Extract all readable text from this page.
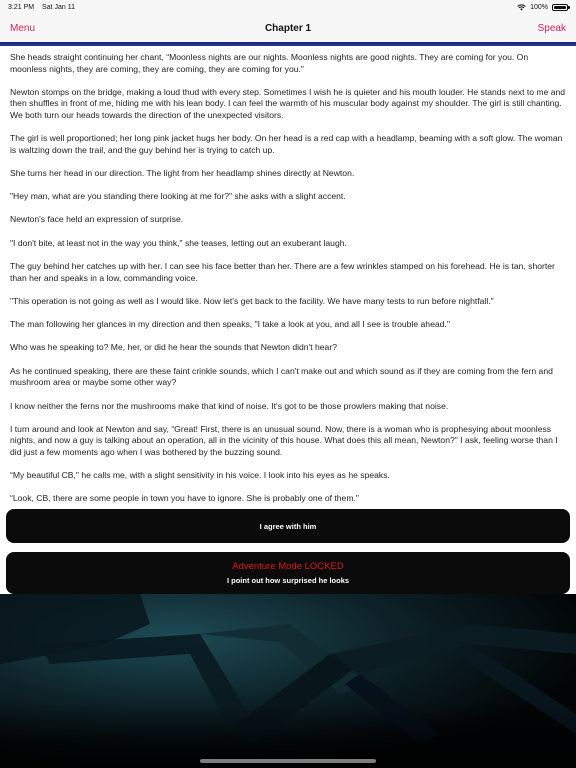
3:21 PM Sat Jan 11	100%
Menu	Chapter 1	Speak

She heads straight continuing her chant, “Moonless nights are our nights. Moonless nights are good nights. They are coming for you. On moonless nights, they are coming, they are coming, they are coming for you."

Newton stomps on the bridge, making a loud thud with every step. Sometimes I wish he is quieter and his mouth louder. He stands next to me and then shuffles in front of me, hiding me with his lean body. I can feel the warmth of his muscular body against my shoulder. The girl is still chanting. We both turn our heads towards the direction of the unexpected visitors.

The girl is well proportioned; her long pink jacket hugs her body. On her head is a red cap with a headlamp, beaming with a soft glow. The woman is waltzing down the trail, and the guy behind her is trying to catch up.

She turns her head in our direction. The light from her headlamp shines directly at Newton.

"Hey man, what are you standing there looking at me for?" she asks with a slight accent.

Newton's face held an expression of surprise.

"I don't bite, at least not in the way you think," she teases, letting out an exuberant laugh.

The guy behind her catches up with her. I can see his face better than her. There are a few wrinkles stamped on his forehead. He is tan, shorter than her and speaks in a low, commanding voice.

"This operation is not going as well as I would like. Now let's get back to the facility. We have many tests to run before nightfall."

The man following her glances in my direction and then speaks, "I take a look at you, and all I see is trouble ahead."

Who was he speaking to? Me, her, or did he hear the sounds that Newton didn't hear?

As he continued speaking, there are these faint crinkle sounds, which I can't make out and which sound as if they are coming from the fern and mushroom area or maybe some other way?

I know neither the ferns nor the mushrooms make that kind of noise. It's got to be those prowlers making that noise.

I turn around and look at Newton and say, “Great! First, there is an unusual sound. Now, there is a woman who is prophesying about moonless nights, and now a guy is talking about an operation, all in the vicinity of this house. What does this all mean, Newton?" I ask, feeling worse than I did just a few moments ago when I was bothered by the buzzing sound.

“My beautiful CB," he calls me, with a slight sensitivity in his voice. I look into his eyes as he speaks.

“Look, CB, there are some people in town you have to ignore. She is probably one of them."

I agree with him
Adventure Mode LOCKED
I point out how surprised he looks
